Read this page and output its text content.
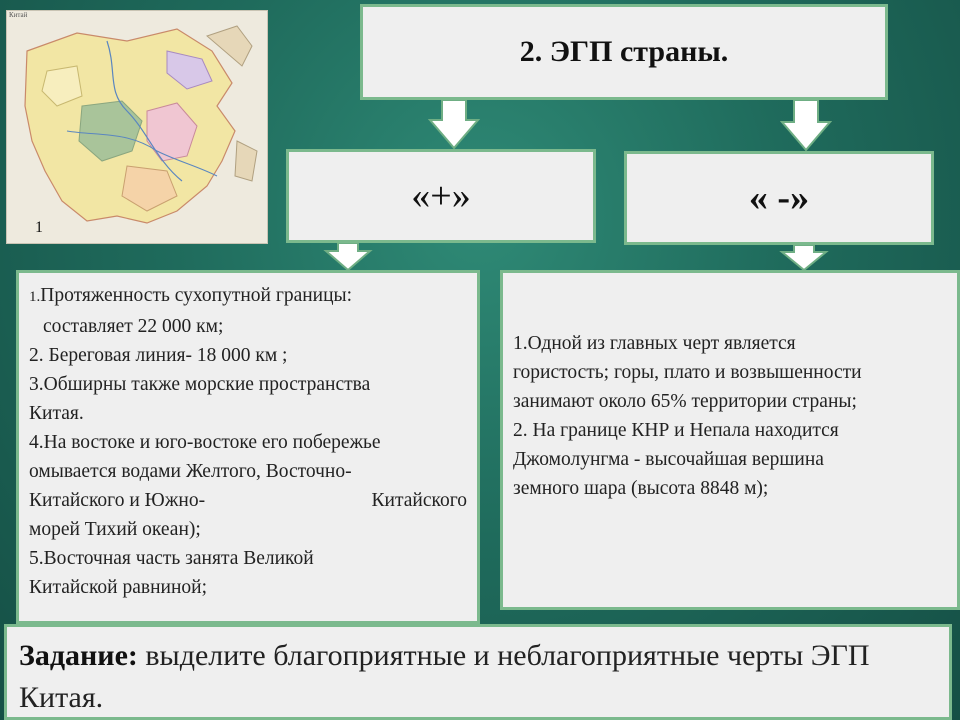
Китай
1
2. ЭГП страны.
«+»	« -»

1.Протяженность сухопутной границы:

составляет 22 000 км;

2. Береговая линия- 18 000 км ;

3.Обширны также морские пространства

Китая.

4.На востоке и юго-востоке его побережье

омывается водами Желтого, Восточно-

Китайского и Южно-	Китайского

морей Тихий океан);

5.Восточная часть занята Великой

Китайской равниной;

1.Одной из главных черт является

гористость; горы, плато и возвышенности

занимают около 65% территории страны;

2. На границе КНР и Непала находится

Джомолунгма - высочайшая вершина

земного шара (высота 8848 м);

Задание: выделите благоприятные и неблагоприятные черты ЭГП Китая.
